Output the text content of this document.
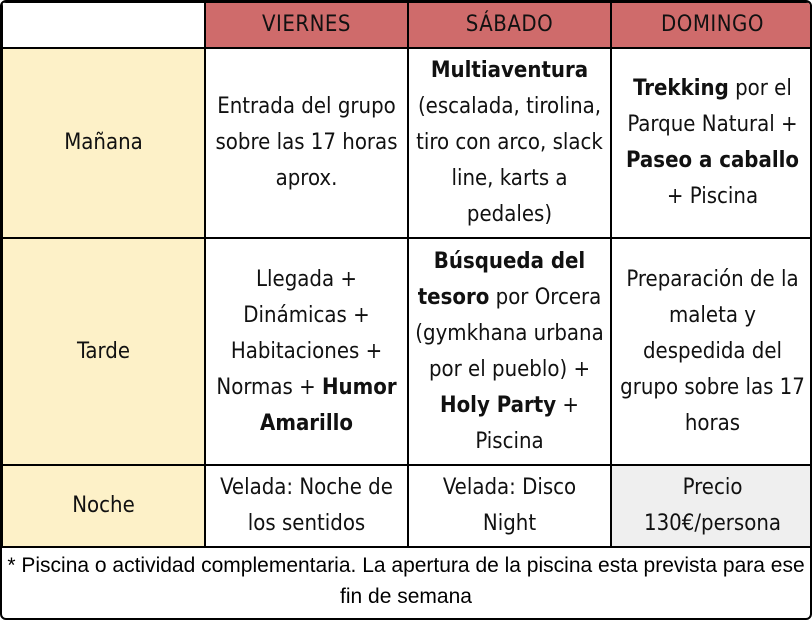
	VIERNES	SÁBADO	DOMINGO
Mañana	Entrada del grupo sobre las 17 horas aprox.	Multiaventura (escalada, tirolina, tiro con arco, slack line, karts a pedales)	Trekking por el Parque Natural + Paseo a caballo + Piscina
Tarde	Llegada + Dinámicas + Habitaciones + Normas + Humor Amarillo	Búsqueda del tesoro por Orcera (gymkhana urbana por el pueblo) + Holy Party + Piscina	Preparación de la maleta y despedida del grupo sobre las 17 horas
Noche	Velada: Noche de los sentidos	Velada: Disco Night	Precio 130€/persona
* Piscina o actividad complementaria. La apertura de la piscina esta prevista para ese fin de semana
